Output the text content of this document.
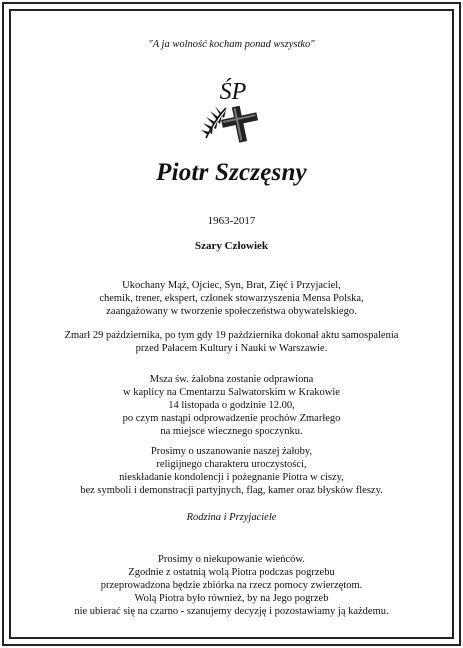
"A ja wolność kocham ponad wszystko"
ŚP
Piotr Szczęsny
1963-2017
Szary Człowiek
Ukochany Mąż, Ojciec, Syn, Brat, Zięć i Przyjaciel,
chemik, trener, ekspert, członek stowarzyszenia Mensa Polska,
zaangażowany w tworzenie społeczeństwa obywatelskiego.
Zmarł 29 października, po tym gdy 19 października dokonał aktu samospalenia
przed Pałacem Kultury i Nauki w Warszawie.
Msza św. żałobna zostanie odprawiona
w kaplicy na Cmentarzu Salwatorskim w Krakowie
14 listopada o godzinie 12.00,
po czym nastąpi odprowadzenie prochów Zmarłego
na miejsce wiecznego spoczynku.
Prosimy o uszanowanie naszej żałoby,
religijnego charakteru uroczystości,
nieskładanie kondolencji i pożegnanie Piotra w ciszy,
bez symboli i demonstracji partyjnych, flag, kamer oraz błysków fleszy.
Rodzina i Przyjaciele
Prosimy o niekupowanie wieńców.
Zgodnie z ostatnią wolą Piotra podczas pogrzebu
przeprowadzona będzie zbiórka na rzecz pomocy zwierzętom.
Wolą Piotra było również, by na Jego pogrzeb
nie ubierać się na czarno - szanujemy decyzję i pozostawiamy ją każdemu.
